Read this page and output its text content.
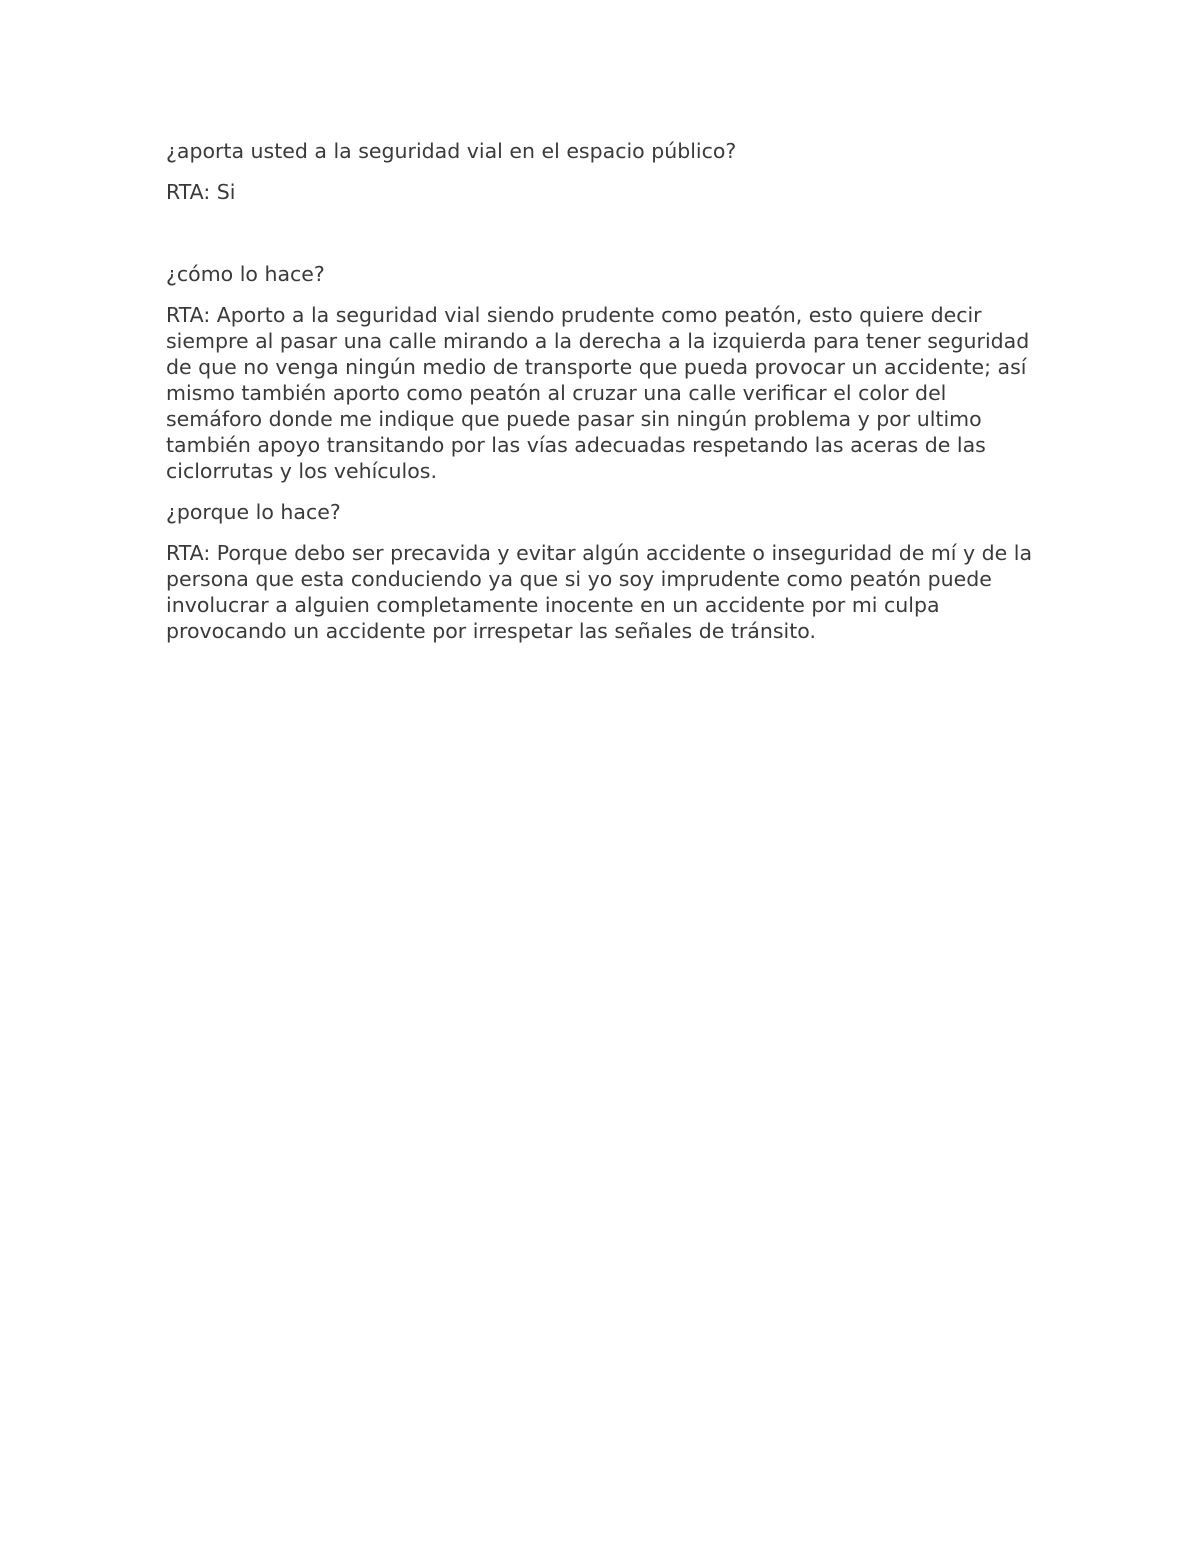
¿aporta usted a la seguridad vial en el espacio público?

RTA: Si

¿cómo lo hace?

RTA: Aporto a la seguridad vial siendo prudente como peatón, esto quiere decir siempre al pasar una calle mirando a la derecha a la izquierda para tener seguridad de que no venga ningún medio de transporte que pueda provocar un accidente; así mismo también aporto como peatón al cruzar una calle verificar el color del semáforo donde me indique que puede pasar sin ningún problema y por ultimo también apoyo transitando por las vías adecuadas respetando las aceras de las ciclorrutas y los vehículos.

¿porque lo hace?

RTA: Porque debo ser precavida y evitar algún accidente o inseguridad de mí y de la persona que esta conduciendo ya que si yo soy imprudente como peatón puede involucrar a alguien completamente inocente en un accidente por mi culpa provocando un accidente por irrespetar las señales de tránsito.
